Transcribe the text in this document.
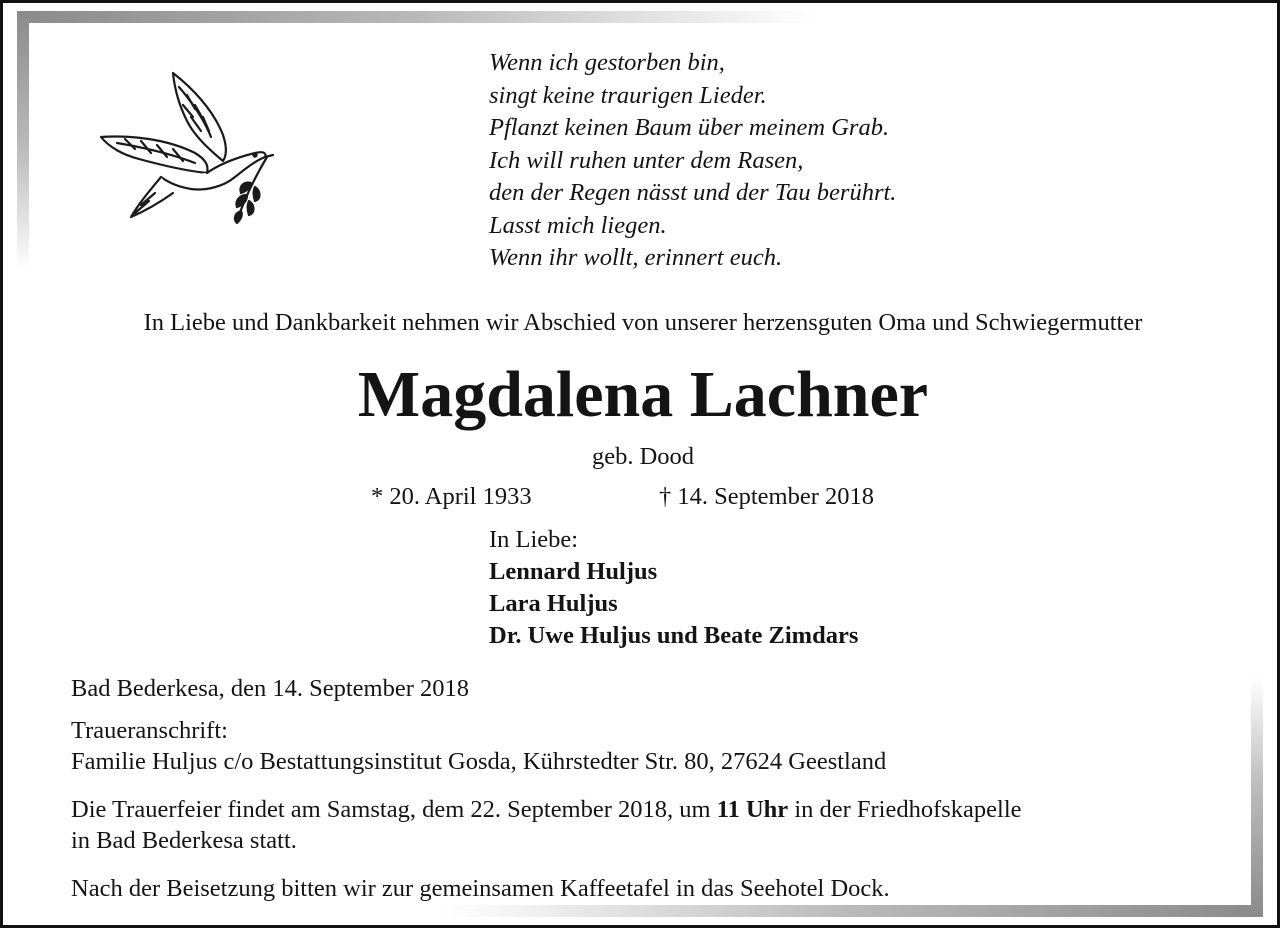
Wenn ich gestorben bin,
singt keine traurigen Lieder.
Pflanzt keinen Baum über meinem Grab.
Ich will ruhen unter dem Rasen,
den der Regen nässt und der Tau berührt.
Lasst mich liegen.
Wenn ihr wollt, erinnert euch.
In Liebe und Dankbarkeit nehmen wir Abschied von unserer herzensguten Oma und Schwiegermutter
Magdalena Lachner
geb. Dood
* 20. April 1933	† 14. September 2018
In Liebe:
Lennard Huljus
Lara Huljus
Dr. Uwe Huljus und Beate Zimdars
Bad Bederkesa, den 14. September 2018
Traueranschrift:
Familie Huljus c/o Bestattungsinstitut Gosda, Kührstedter Str. 80, 27624 Geestland
Die Trauerfeier findet am Samstag, dem 22. September 2018, um 11 Uhr in der Friedhofskapelle
in Bad Bederkesa statt.
Nach der Beisetzung bitten wir zur gemeinsamen Kaffeetafel in das Seehotel Dock.
